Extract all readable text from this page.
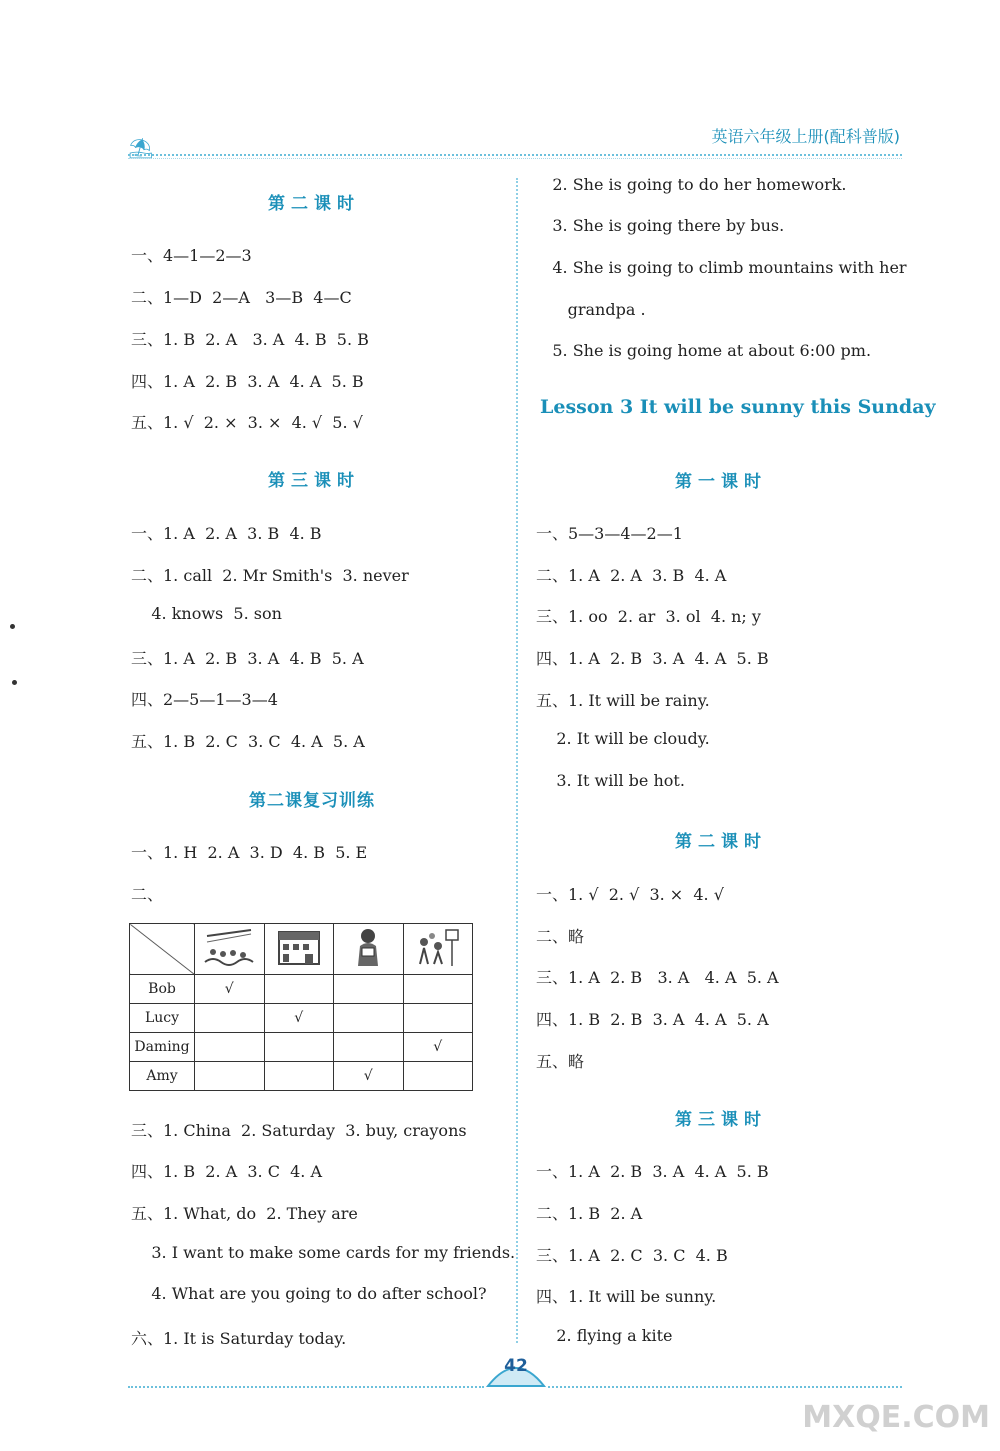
⛱	英语六年级上册(配科普版)
第二课时
一、4—1—2—3
二、1—D  2—A   3—B  4—C
三、1. B  2. A   3. A  4. B  5. B
四、1. A  2. B  3. A  4. A  5. B
五、1. √  2. ×  3. ×  4. √  5. √
第三课时
一、1. A  2. A  3. B  4. B
二、1. call  2. Mr Smith's  3. never
4. knows  5. son
三、1. A  2. B  3. A  4. B  5. A
四、2—5—1—3—4
五、1. B  2. C  3. C  4. A  5. A
第二课复习训练
一、1. H  2. A  3. D  4. B  5. E
二、

Bob	√			
Lucy		√		
Daming				√
Amy			√	
三、1. China  2. Saturday  3. buy, crayons
四、1. B  2. A  3. C  4. A
五、1. What, do  2. They are
3. I want to make some cards for my friends.
4. What are you going to do after school?
六、1. It is Saturday today.
2. She is going to do her homework.
3. She is going there by bus.
4. She is going to climb mountains with her
grandpa .
5. She is going home at about 6:00 pm.
Lesson 3 It will be sunny this Sunday
第一课时
一、5—3—4—2—1
二、1. A  2. A  3. B  4. A
三、1. oo  2. ar  3. ol  4. n; y
四、1. A  2. B  3. A  4. A  5. B
五、1. It will be rainy.
2. It will be cloudy.
3. It will be hot.
第二课时
一、1. √  2. √  3. ×  4. √
二、略
三、1. A  2. B   3. A   4. A  5. A
四、1. B  2. B  3. A  4. A  5. A
五、略
第三课时
一、1. A  2. B  3. A  4. A  5. B
二、1. B  2. A
三、1. A  2. C  3. C  4. B
四、1. It will be sunny.
2. flying a kite
42
MXQE.COM
